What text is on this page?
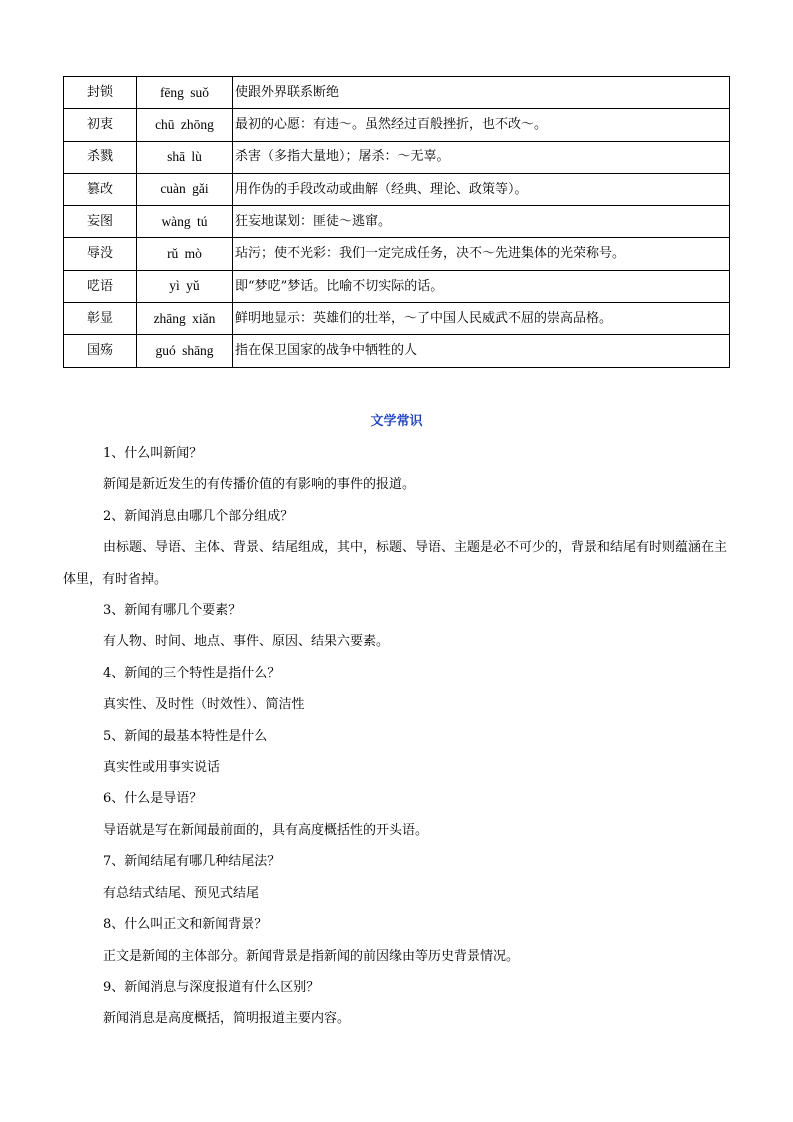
封锁	fēng suǒ	使跟外界联系断绝
初衷	chū zhōng	最初的心愿：有违～。虽然经过百般挫折，也不改～。
杀戮	shā lù	杀害（多指大量地）；屠杀：～无辜。
篡改	cuàn gǎi	用作伪的手段改动或曲解（经典、理论、政策等）。
妄图	wàng tú	狂妄地谋划：匪徒～逃窜。
辱没	rǔ mò	玷污；使不光彩：我们一定完成任务，决不～先进集体的光荣称号。
呓语	yì yǔ	即“梦呓”梦话。比喻不切实际的话。
彰显	zhāng xiǎn	鲜明地显示：英雄们的壮举，～了中国人民威武不屈的崇高品格。
国殇	guó shāng	指在保卫国家的战争中牺牲的人
文学常识

1、什么叫新闻？

新闻是新近发生的有传播价值的有影响的事件的报道。

2、新闻消息由哪几个部分组成？

由标题、导语、主体、背景、结尾组成，其中，标题、导语、主题是必不可少的，背景和结尾有时则蕴涵在主体里，有时省掉。

3、新闻有哪几个要素？

有人物、时间、地点、事件、原因、结果六要素。

4、新闻的三个特性是指什么？

真实性、及时性（时效性）、简洁性

5、新闻的最基本特性是什么

真实性或用事实说话

6、什么是导语？

导语就是写在新闻最前面的，具有高度概括性的开头语。

7、新闻结尾有哪几种结尾法？

有总结式结尾、预见式结尾

8、什么叫正文和新闻背景？

正文是新闻的主体部分。新闻背景是指新闻的前因缘由等历史背景情况。

9、新闻消息与深度报道有什么区别？

新闻消息是高度概括，简明报道主要内容。
